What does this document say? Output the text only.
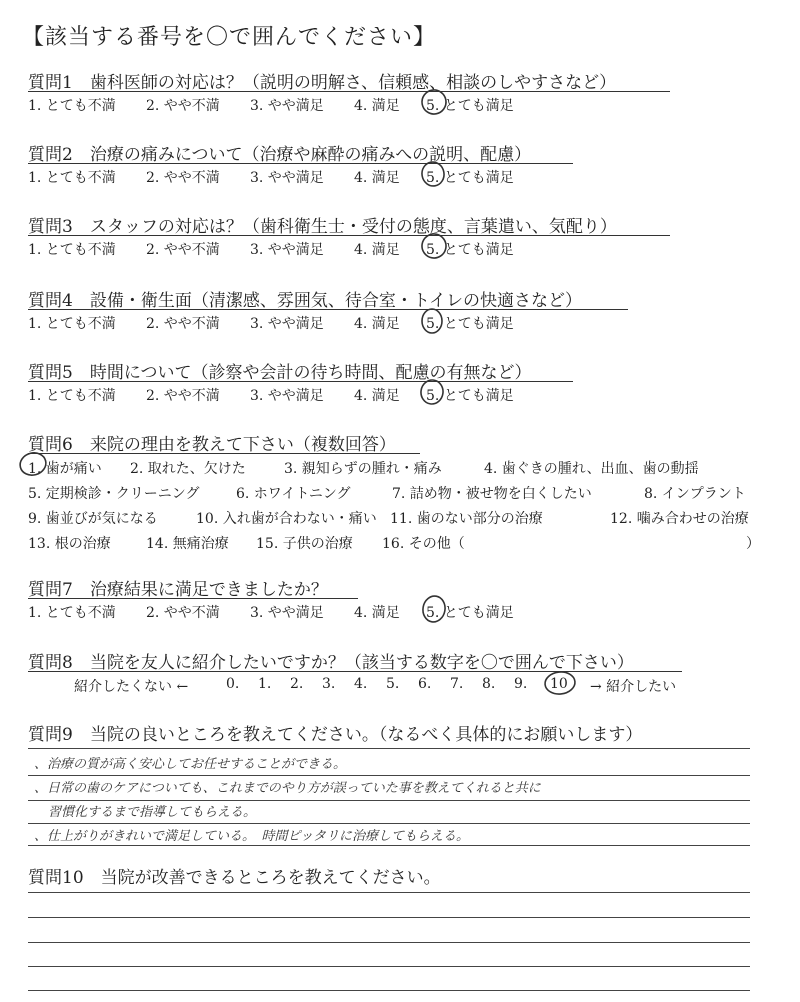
【該当する番号を〇で囲んでください】
質問1　 歯科医師の対応は？（説明の明解さ、信頼感、相談のしやすさなど）
1. とても不満 2. やや不満 3. やや満足 4. 満足 5. とても満足
質問2　 治療の痛みについて（治療や麻酔の痛みへの説明、配慮）
1. とても不満 2. やや不満 3. やや満足 4. 満足 5. とても満足
質問3　 スタッフの対応は？（歯科衛生士・受付の態度、言葉遣い、気配り）
1. とても不満 2. やや不満 3. やや満足 4. 満足 5. とても満足
質問4　 設備・衛生面（清潔感、雰囲気、待合室・トイレの快適さなど）
1. とても不満 2. やや不満 3. やや満足 4. 満足 5. とても満足
質問5　 時間について（診察や会計の待ち時間、配慮の有無など）
1. とても不満 2. やや不満 3. やや満足 4. 満足 5. とても満足
質問6　 来院の理由を教えて下さい（複数回答）
1. 歯が痛い 2. 取れた、欠けた	3. 親知らずの腫れ・痛み	4. 歯ぐきの腫れ、出血、歯の動揺
5. 定期検診・クリーニング	6. ホワイトニング	7. 詰め物・被せ物を白くしたい	8. インプラント
9. 歯並びが気になる	10. 入れ歯が合わない・痛い 11. 歯のない部分の治療	12. 噛み合わせの治療
13. 根の治療	14. 無痛治療 15. 子供の治療 16. その他（	）
質問7　 治療結果に満足できましたか？
1. とても不満 2. やや不満 3. やや満足 4. 満足 5. とても満足
質問8　 当院を友人に紹介したいですか？（該当する数字を〇で囲んで下さい）
紹介したくない ←	0. 1. 2. 3. 4. 5. 6. 7. 8. 9. 10 → 紹介したい
質問9　 当院の良いところを教えてください。（なるべく具体的にお願いします）
、治療の質が高く安心してお任せすることができる。
、日常の歯のケアについても、これまでのやり方が誤っていた事を教えてくれると共に
習慣化するまで指導してもらえる。
、仕上がりがきれいで満足している。　時間ピッタリに治療してもらえる。
質問10　 当院が改善できるところを教えてください。
